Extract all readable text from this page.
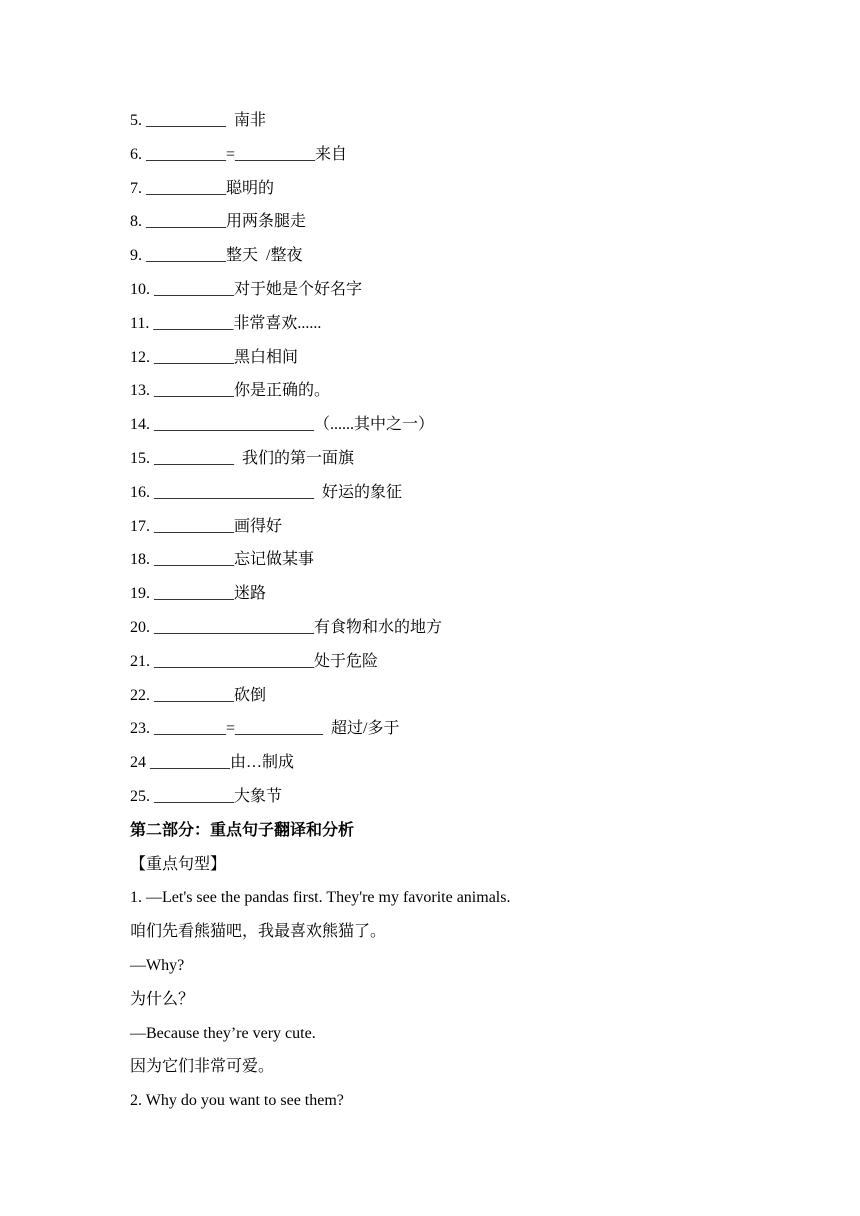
5. __________  南非
6. __________=__________来自
7. __________聪明的
8. __________用两条腿走
9. __________整天  /整夜
10. __________对于她是个好名字
11. __________非常喜欢......
12. __________黑白相间
13. __________你是正确的。
14. ____________________（......其中之一）
15. __________  我们的第一面旗
16. ____________________  好运的象征
17. __________画得好
18. __________忘记做某事
19. __________迷路
20. ____________________有食物和水的地方
21. ____________________处于危险
22. __________砍倒
23. _________=___________  超过/多于
24 __________由…制成
25. __________大象节
第二部分：重点句子翻译和分析
【重点句型】
1. —Let's see the pandas first. They're my favorite animals.
咱们先看熊猫吧，我最喜欢熊猫了。
—Why?
为什么？
—Because they’re very cute.
因为它们非常可爱。
2. Why do you want to see them?
